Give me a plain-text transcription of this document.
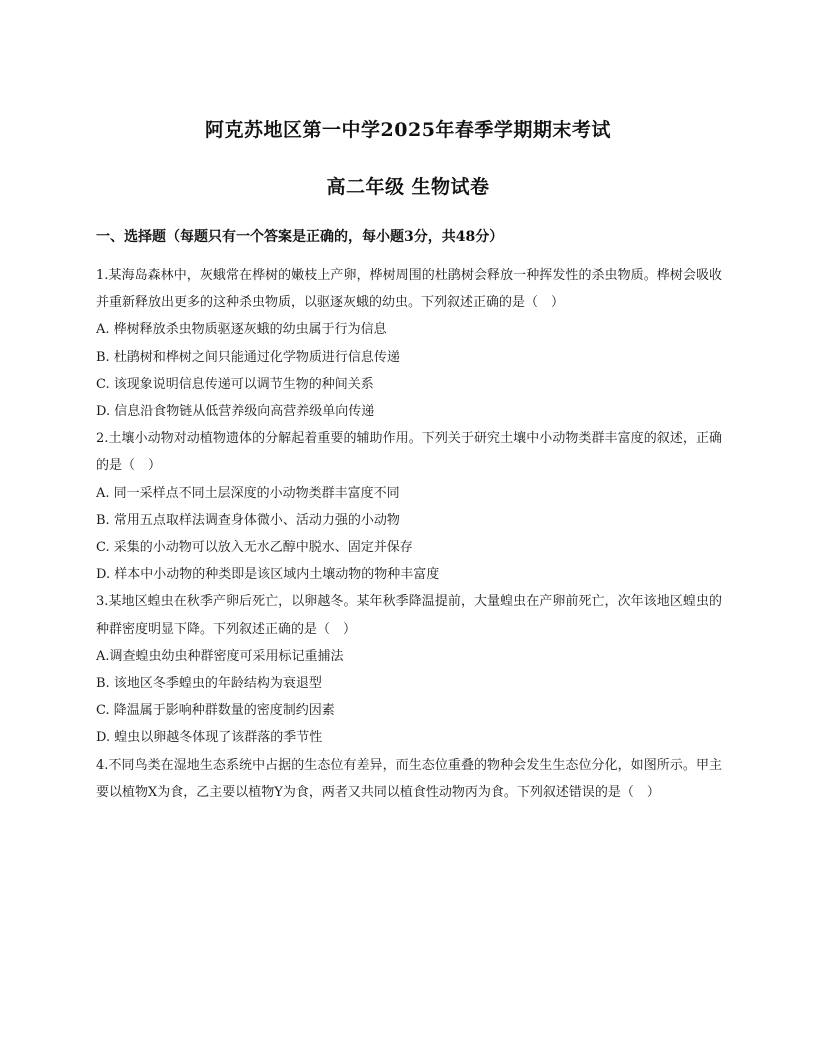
阿克苏地区第一中学2025年春季学期期末考试
高二年级 生物试卷
一、选择题（每题只有一个答案是正确的，每小题3分，共48分）
1.某海岛森林中，灰蛾常在桦树的嫩枝上产卵，桦树周围的杜鹃树会释放一种挥发性的杀虫物质。桦树会吸收并重新释放出更多的这种杀虫物质，以驱逐灰蛾的幼虫。下列叙述正确的是（　）
A. 桦树释放杀虫物质驱逐灰蛾的幼虫属于行为信息
B. 杜鹃树和桦树之间只能通过化学物质进行信息传递
C. 该现象说明信息传递可以调节生物的种间关系
D. 信息沿食物链从低营养级向高营养级单向传递
2.土壤小动物对动植物遗体的分解起着重要的辅助作用。下列关于研究土壤中小动物类群丰富度的叙述，正确的是（　）
A. 同一采样点不同土层深度的小动物类群丰富度不同
B. 常用五点取样法调查身体微小、活动力强的小动物
C. 采集的小动物可以放入无水乙醇中脱水、固定并保存
D. 样本中小动物的种类即是该区域内土壤动物的物种丰富度
3.某地区蝗虫在秋季产卵后死亡，以卵越冬。某年秋季降温提前，大量蝗虫在产卵前死亡，次年该地区蝗虫的种群密度明显下降。下列叙述正确的是（　）
A.调查蝗虫幼虫种群密度可采用标记重捕法
B. 该地区冬季蝗虫的年龄结构为衰退型
C. 降温属于影响种群数量的密度制约因素
D. 蝗虫以卵越冬体现了该群落的季节性
4.不同鸟类在湿地生态系统中占据的生态位有差异，而生态位重叠的物种会发生生态位分化，如图所示。甲主要以植物X为食，乙主要以植物Y为食，两者又共同以植食性动物丙为食。下列叙述错误的是（　）
